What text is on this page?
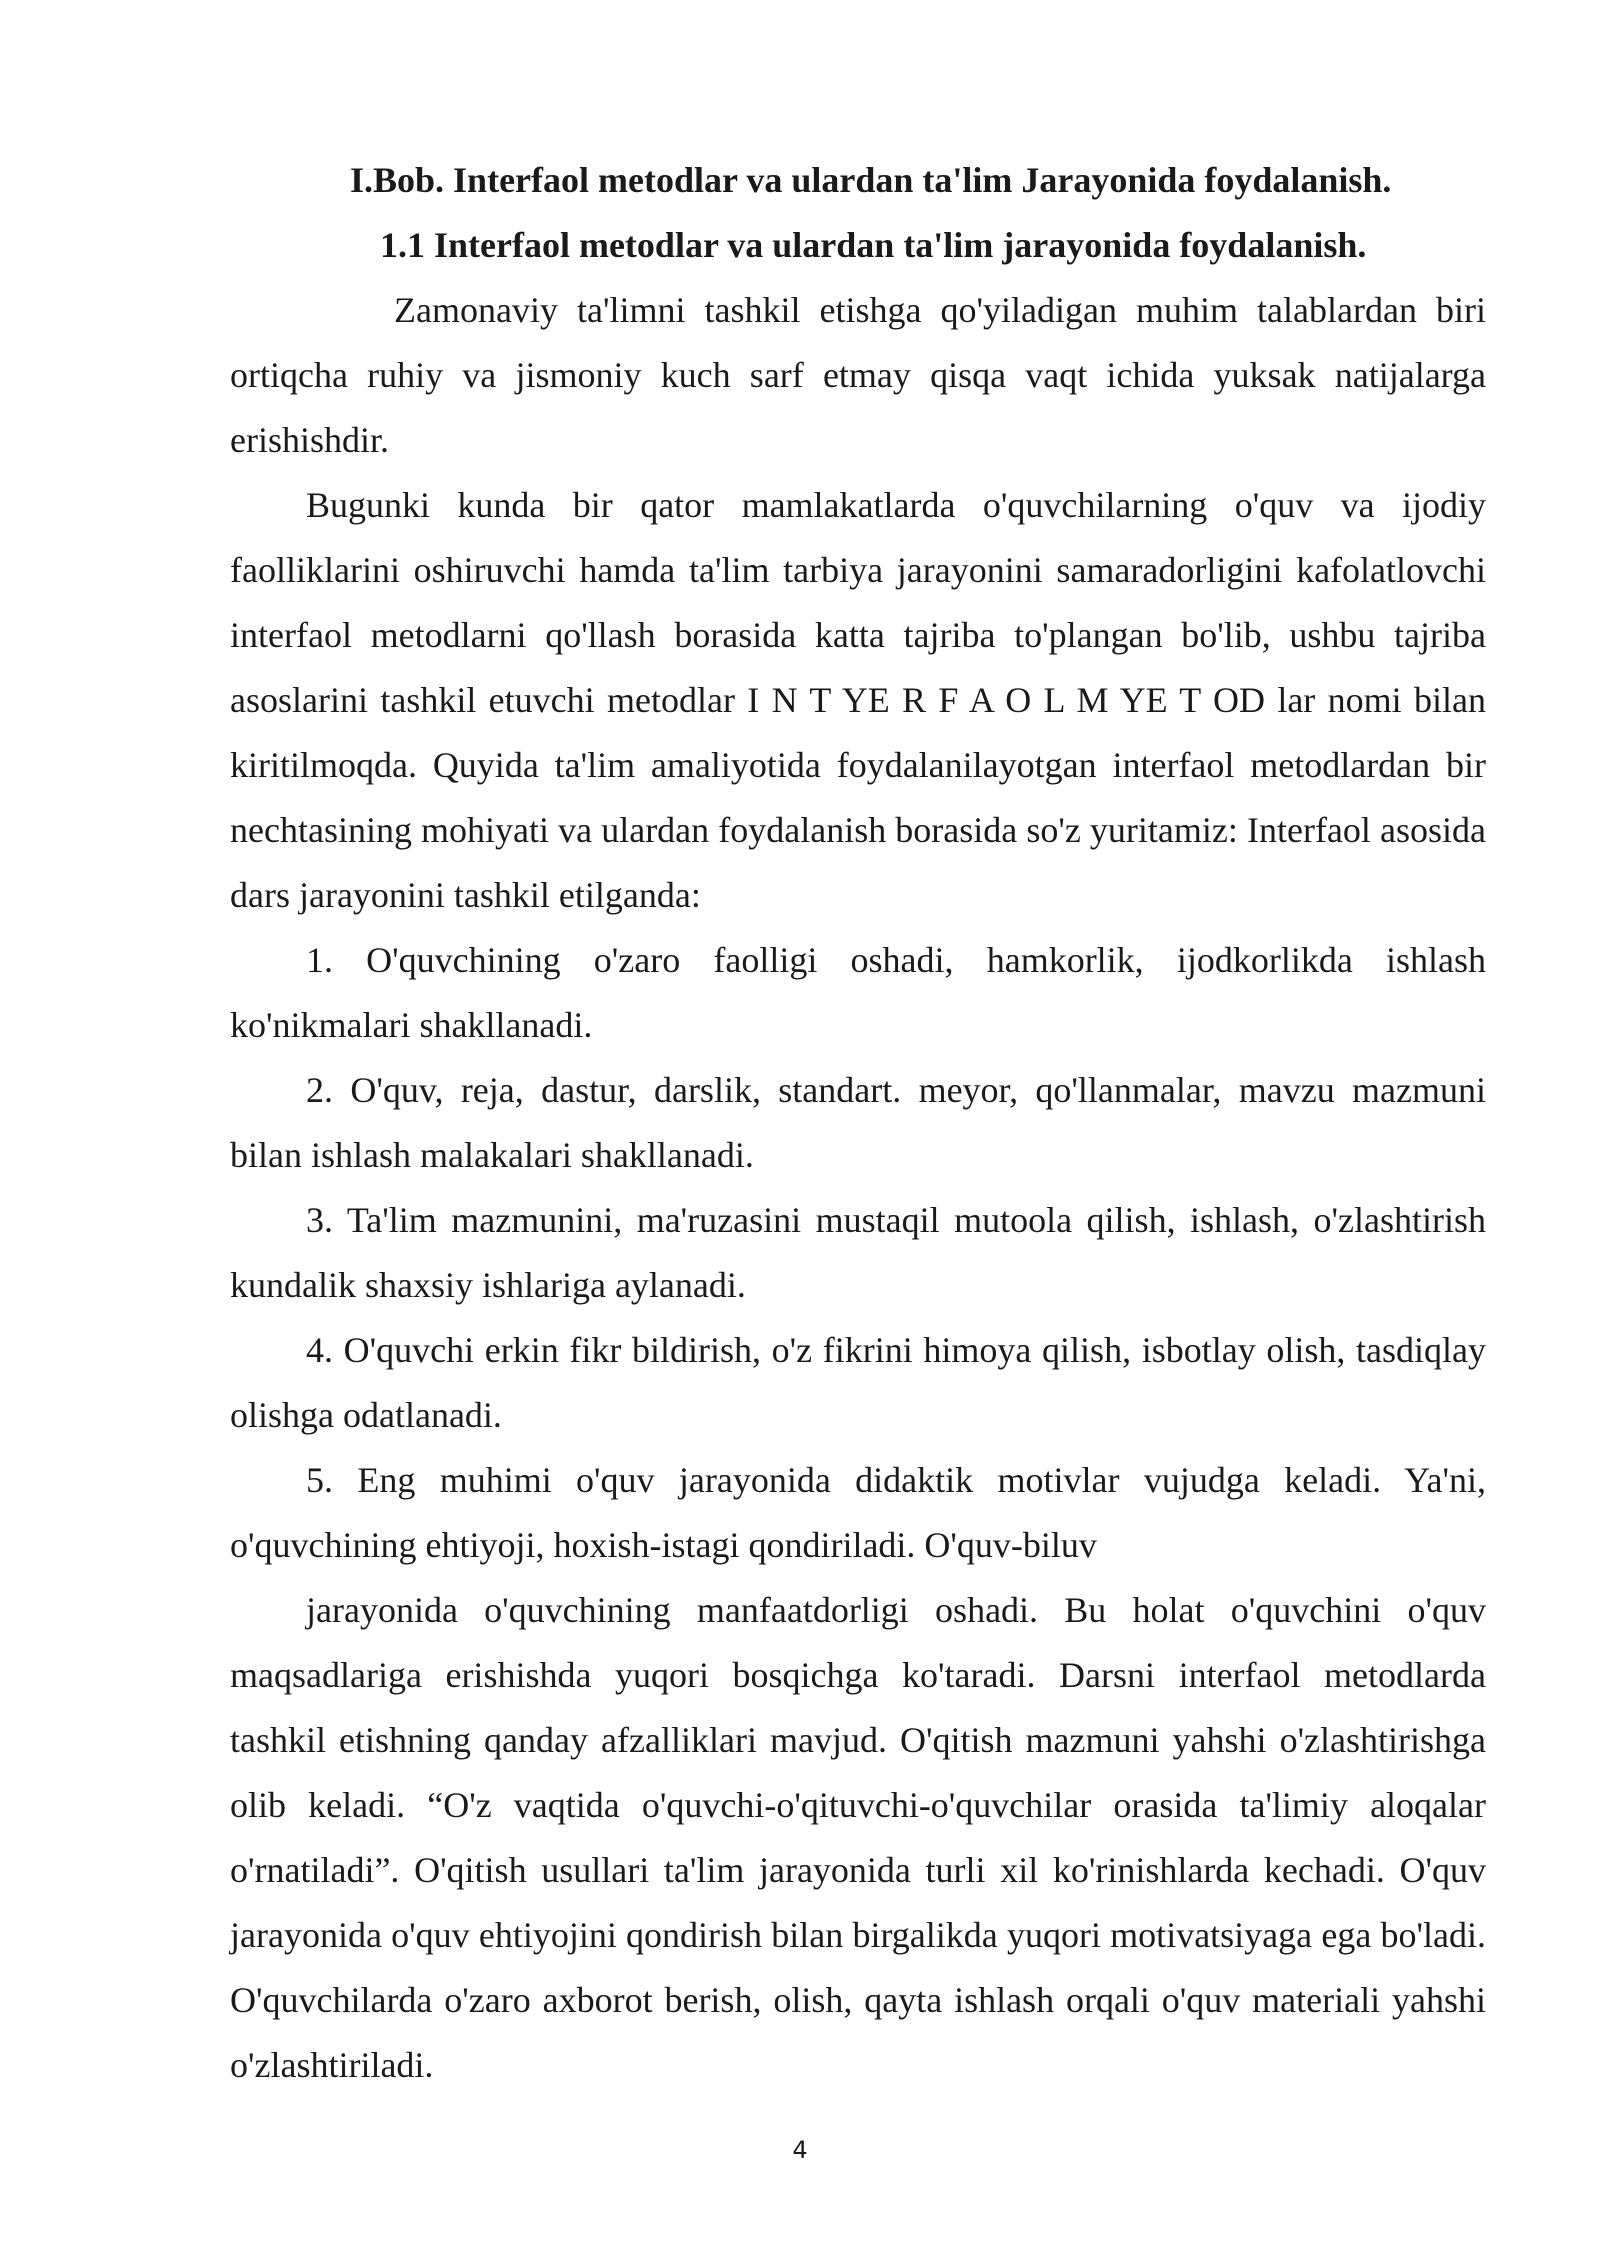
I.Bob. Interfaol metodlar va ulardan ta'lim Jarayonida foydalanish.

1.1 Interfaol metodlar va ulardan ta'lim jarayonida foydalanish.

Zamonaviy ta'limni tashkil etishga qo'yiladigan muhim talablardan biri ortiqcha ruhiy va jismoniy kuch sarf etmay qisqa vaqt ichida yuksak natijalarga erishishdir.

Bugunki kunda bir qator mamlakatlarda o'quvchilarning o'quv va ijodiy faolliklarini oshiruvchi hamda ta'lim tarbiya jarayonini samaradorligini kafolatlovchi interfaol metodlarni qo'llash borasida katta tajriba to'plangan bo'lib, ushbu tajriba asoslarini tashkil etuvchi metodlar I N T YE R F A O L M YE T OD lar nomi bilan kiritilmoqda. Quyida ta'lim amaliyotida foydalanilayotgan interfaol metodlardan bir nechtasining mohiyati va ulardan foydalanish borasida so'z yuritamiz: Interfaol asosida dars jarayonini tashkil etilganda:

1. O'quvchining o'zaro faolligi oshadi, hamkorlik, ijodkorlikda ishlash ko'nikmalari shakllanadi.

2. O'quv, reja, dastur, darslik, standart. meyor, qo'llanmalar, mavzu mazmuni bilan ishlash malakalari shakllanadi.

3. Ta'lim mazmunini, ma'ruzasini mustaqil mutoola qilish, ishlash, o'zlashtirish kundalik shaxsiy ishlariga aylanadi.

4. O'quvchi erkin fikr bildirish, o'z fikrini himoya qilish, isbotlay olish, tasdiqlay olishga odatlanadi.

5. Eng muhimi o'quv jarayonida didaktik motivlar vujudga keladi. Ya'ni, o'quvchining ehtiyoji, hoxish-istagi qondiriladi. O'quv-biluv

jarayonida o'quvchining manfaatdorligi oshadi. Bu holat o'quvchini o'quv maqsadlariga erishishda yuqori bosqichga ko'taradi. Darsni interfaol metodlarda tashkil etishning qanday afzalliklari mavjud. O'qitish mazmuni yahshi o'zlashtirishga olib keladi. “O'z vaqtida o'quvchi-o'qituvchi-o'quvchilar orasida ta'limiy aloqalar o'rnatiladi”. O'qitish usullari ta'lim jarayonida turli xil ko'rinishlarda kechadi. O'quv jarayonida o'quv ehtiyojini qondirish bilan birgalikda yuqori motivatsiyaga ega bo'ladi. O'quvchilarda o'zaro axborot berish, olish, qayta ishlash orqali o'quv materiali yahshi o'zlashtiriladi.

4
